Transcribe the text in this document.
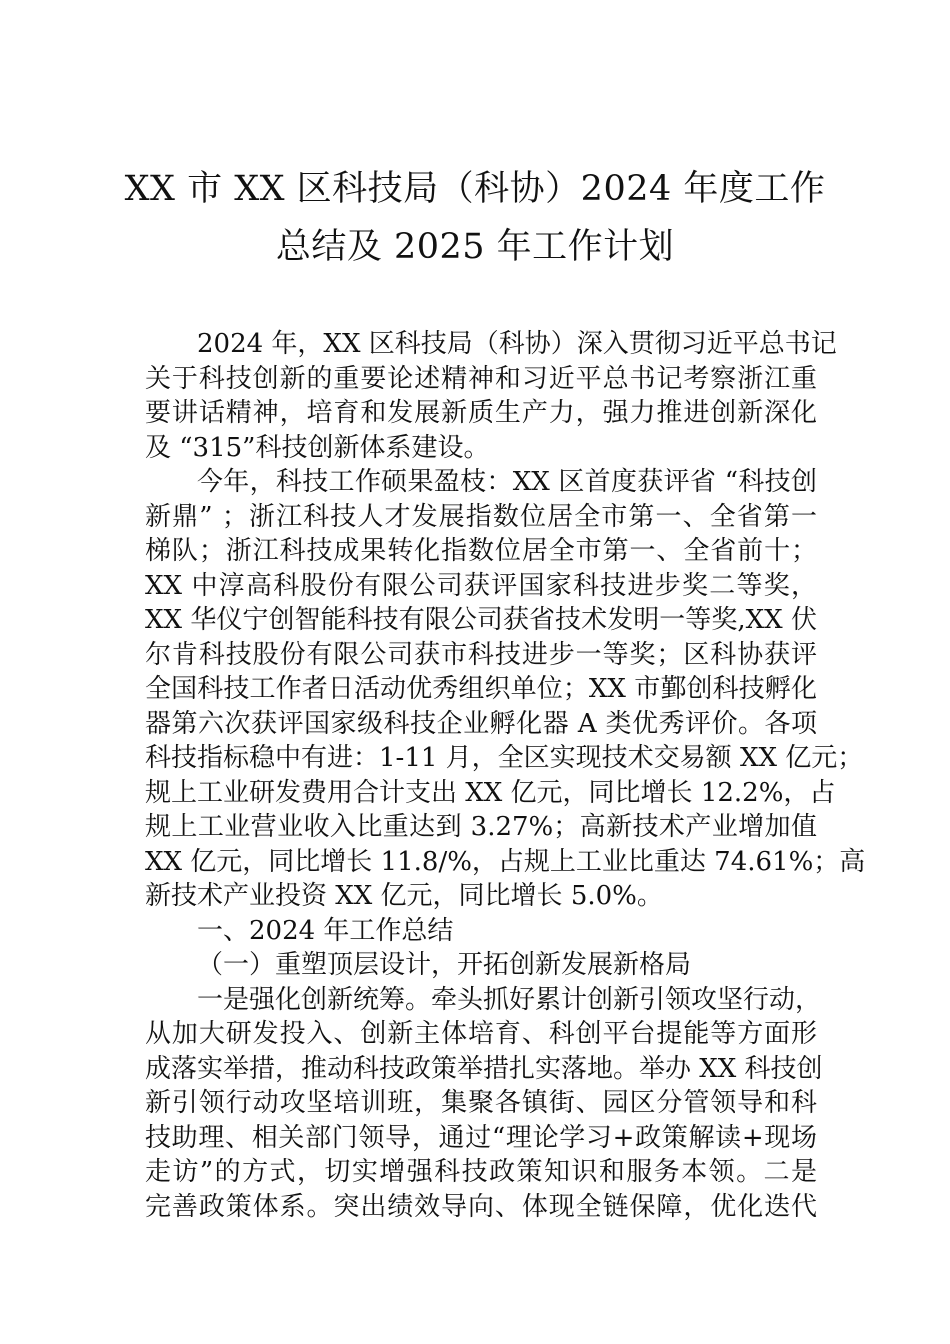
XX 市 XX 区科技局（科协）2024 年度工作
总结及 2025 年工作计划

2024 年，XX 区科技局（科协）深入贯彻习近平总书记
关于科技创新的重要论述精神和习近平总书记考察浙江重
要讲话精神，培育和发展新质生产力，强力推进创新深化
及 “315”科技创新体系建设。

今年，科技工作硕果盈枝：XX 区首度获评省 “科技创
新鼎” ；浙江科技人才发展指数位居全市第一、全省第一
梯队；浙江科技成果转化指数位居全市第一、全省前十；
XX 中淳高科股份有限公司获评国家科技进步奖二等奖，
XX 华仪宁创智能科技有限公司获省技术发明一等奖,XX 伏
尔肯科技股份有限公司获市科技进步一等奖；区科协获评
全国科技工作者日活动优秀组织单位；XX 市鄞创科技孵化
器第六次获评国家级科技企业孵化器 A 类优秀评价。各项
科技指标稳中有进：1-11 月，全区实现技术交易额 XX 亿元；
规上工业研发费用合计支出 XX 亿元，同比增长 12.2%，占
规上工业营业收入比重达到 3.27%；高新技术产业增加值
XX 亿元，同比增长 11.8/%，占规上工业比重达 74.61%；高
新技术产业投资 XX 亿元，同比增长 5.0%。

一、2024 年工作总结

（一）重塑顶层设计，开拓创新发展新格局

一是强化创新统筹。牵头抓好累计创新引领攻坚行动，
从加大研发投入、创新主体培育、科创平台提能等方面形
成落实举措，推动科技政策举措扎实落地。举办 XX 科技创
新引领行动攻坚培训班，集聚各镇街、园区分管领导和科
技助理、相关部门领导，通过“理论学习+政策解读+现场
走访”的方式，切实增强科技政策知识和服务本领。二是
完善政策体系。突出绩效导向、体现全链保障，优化迭代
